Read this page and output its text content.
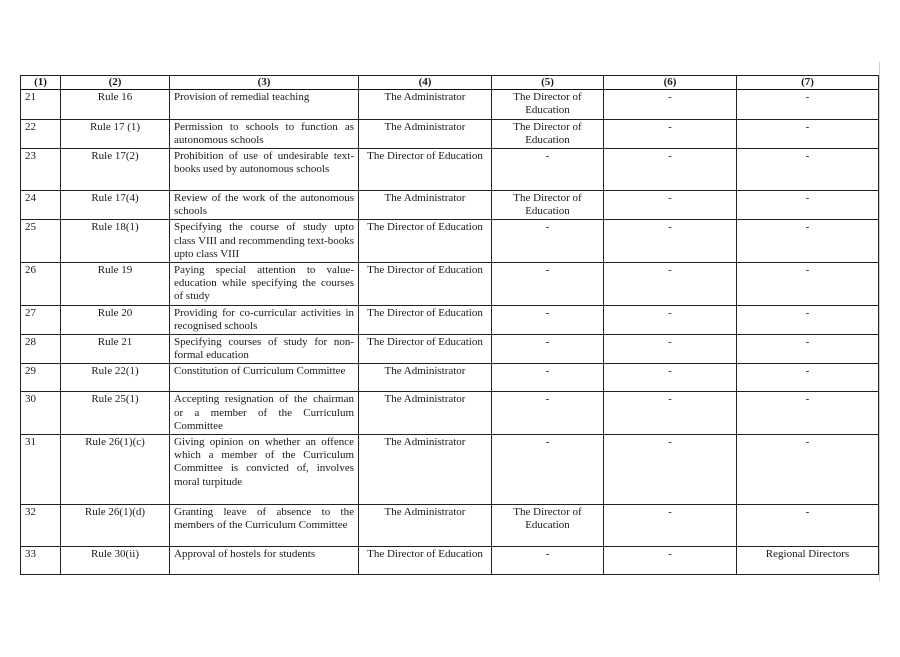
(1)	(2)	(3)	(4)	(5)	(6)	(7)
21	Rule 16	Provision of remedial teaching	The Administrator	The Director of Education	-	-
22	Rule 17 (1)	Permission to schools to function as autonomous schools	The Administrator	The Director of Education	-	-
23	Rule 17(2)	Prohibition of use of undesirable text-books used by autonomous schools	The Director of Education	-	-	-
24	Rule 17(4)	Review of the work of the autonomous schools	The Administrator	The Director of Education	-	-
25	Rule 18(1)	Specifying the course of study upto class VIII and recommending text-books upto class VIII	The Director of Education	-	-	-
26	Rule 19	Paying special attention to value-education while specifying the courses of study	The Director of Education	-	-	-
27	Rule 20	Providing for co-curricular activities in recognised schools	The Director of Education	-	-	-
28	Rule 21	Specifying courses of study for non-formal education	The Director of Education	-	-	-
29	Rule 22(1)	Constitution of Curriculum Committee	The Administrator	-	-	-
30	Rule 25(1)	Accepting resignation of the chairman or a member of the Curriculum Committee	The Administrator	-	-	-
31	Rule 26(1)(c)	Giving opinion on whether an offence which a member of the Curriculum Committee is convicted of, involves moral turpitude	The Administrator	-	-	-
32	Rule 26(1)(d)	Granting leave of absence to the members of the Curriculum Committee	The Administrator	The Director of Education	-	-
33	Rule 30(ii)	Approval of hostels for students	The Director of Education	-	-	Regional Directors
